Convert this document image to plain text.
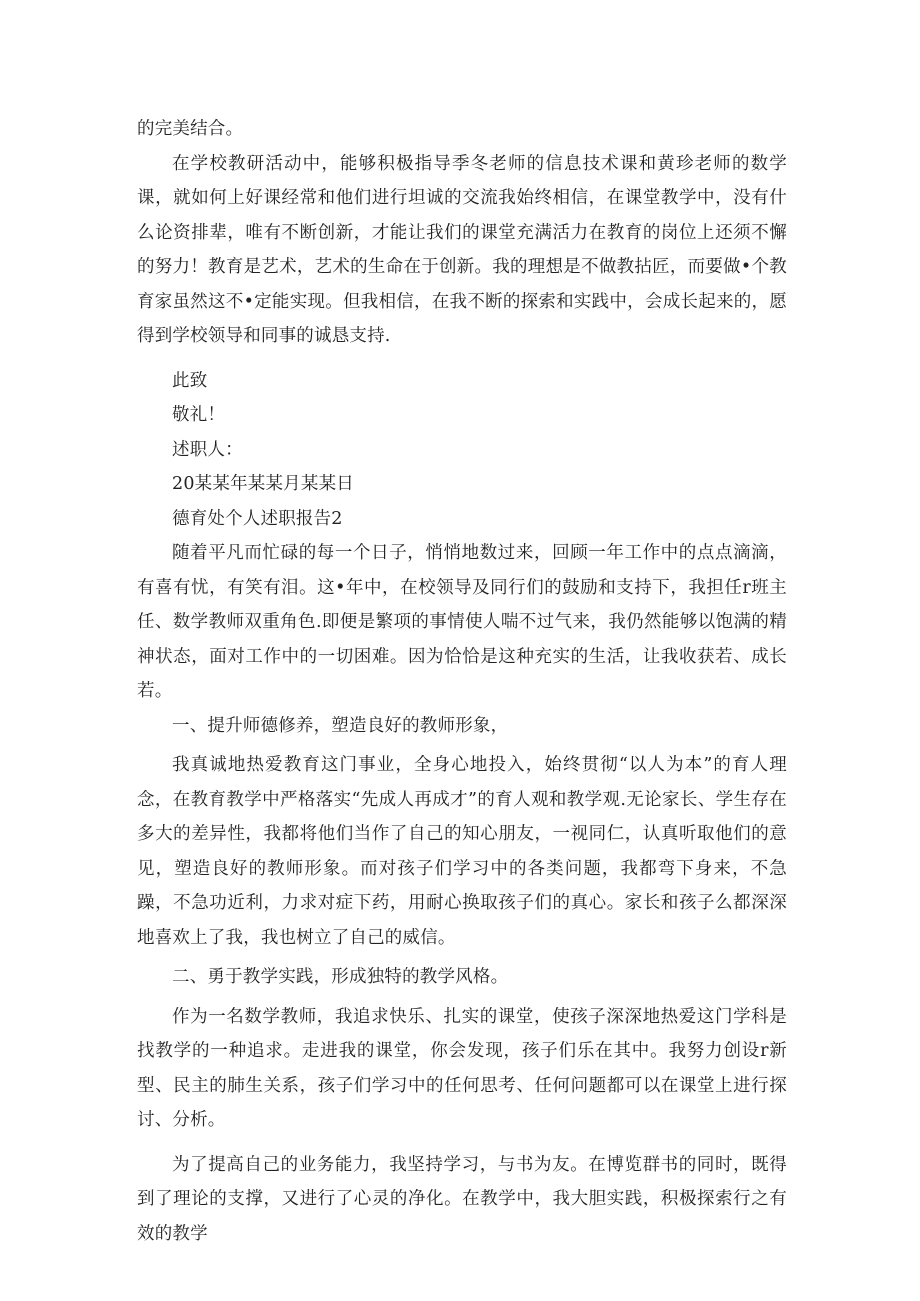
的完美结合。

在学校教研活动中，能够积极指导季冬老师的信息技术课和黄珍老师的数学课，就如何上好课经常和他们进行坦诚的交流我始终相信，在课堂教学中，没有什么论资排辈，唯有不断创新，才能让我们的课堂充满活力在教育的岗位上还须不懈的努力！教育是艺术，艺术的生命在于创新。我的理想是不做教拈匠，而要做•个教育家虽然这不•定能实现。但我相信，在我不断的探索和实践中，会成长起来的，愿得到学校领导和同事的诚恳支持.

此致

敬礼！

述职人：

20某某年某某月某某日

德育处个人述职报告2

随着平凡而忙碌的每一个日子，悄悄地数过来，回顾一年工作中的点点滴滴，有喜有忧，有笑有泪。这•年中，在校领导及同行们的鼓励和支持下，我担任r班主任、数学教师双重角色.即便是繁项的事情使人喘不过气来，我仍然能够以饱满的精神状态，面对工作中的一切困难。因为恰恰是这种充实的生活，让我收获若、成长若。

一、提升师德修养，塑造良好的教师形象，

我真诚地热爱教育这门事业，全身心地投入，始终贯彻“以人为本”的育人理念，在教育教学中严格落实“先成人再成才”的育人观和教学观.无论家长、学生存在多大的差异性，我都将他们当作了自己的知心朋友，一视同仁，认真听取他们的意见，塑造良好的教师形象。而对孩子们学习中的各类问题，我都弯下身来，不急躁，不急功近利，力求对症下药，用耐心换取孩子们的真心。家长和孩子么都深深地喜欢上了我，我也树立了自己的威信。

二、勇于教学实践，形成独特的教学风格。

作为一名数学教师，我追求快乐、扎实的课堂，使孩子深深地热爱这门学科是找教学的一种追求。走进我的课堂，你会发现，孩子们乐在其中。我努力创设r新型、民主的肺生关系，孩子们学习中的任何思考、任何问题都可以在课堂上进行探讨、分析。

为了提高自己的业务能力，我坚持学习，与书为友。在博览群书的同时，既得到了理论的支撑，又进行了心灵的净化。在教学中，我大胆实践，积极探索行之有效的教学
